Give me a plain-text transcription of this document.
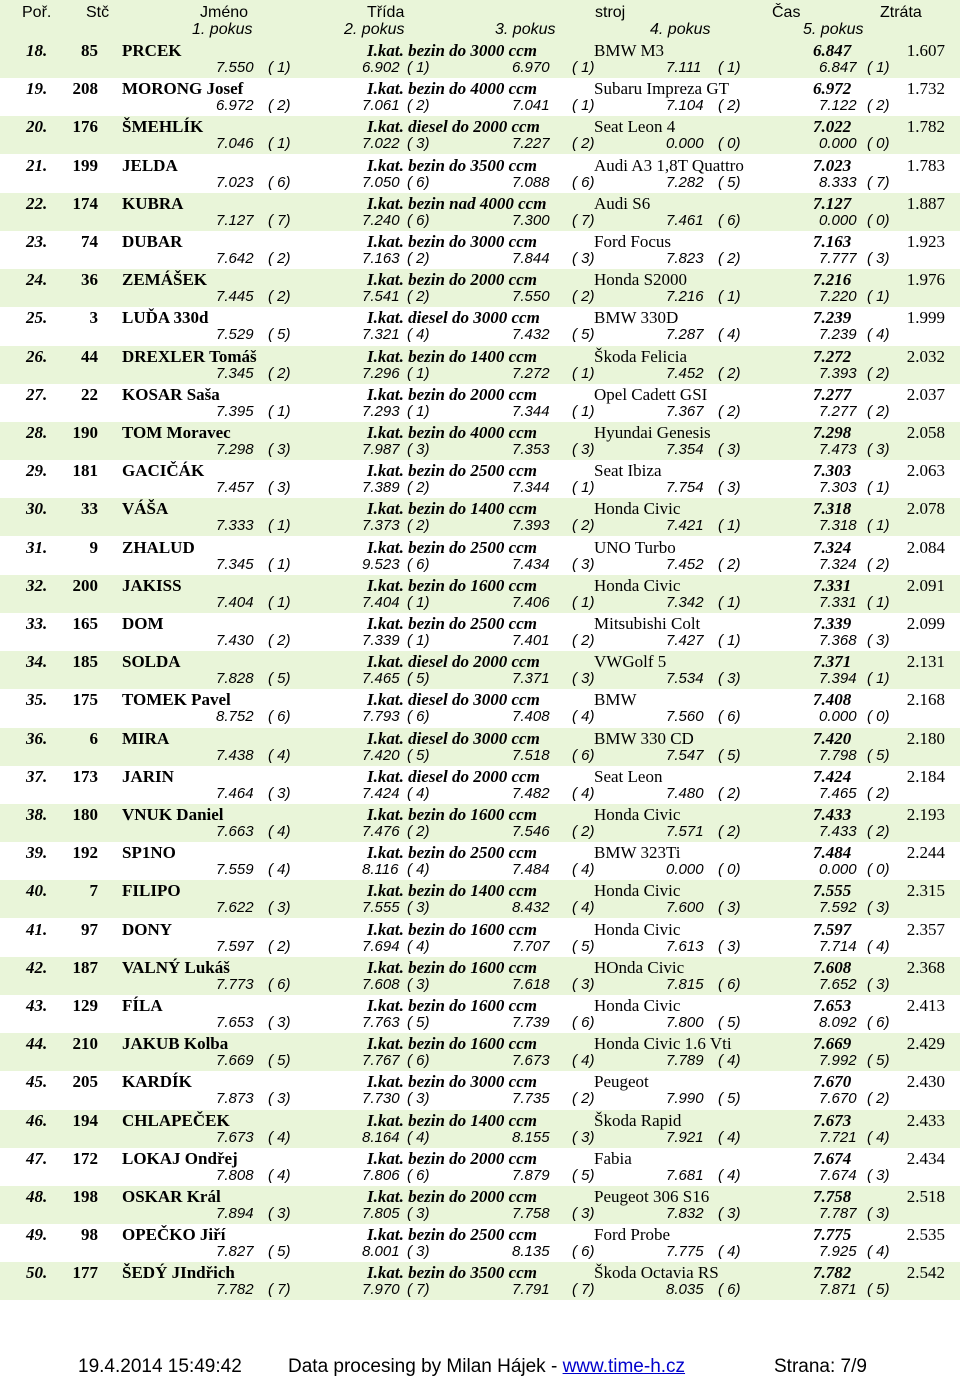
Poř. Stč	Jméno	Třída	stroj	Čas	Ztráta
1. pokus	2. pokus	3. pokus	4. pokus	5. pokus
18. 85 PRCEK	I.kat. bezin do 3000 ccm	BMW M3	6.847	1.607
7.550 ( 1)	6.902 ( 1)	6.970 ( 1)	7.111 ( 1)	6.847 ( 1)
19. 208 MORONG Josef	I.kat. bezin do 4000 ccm	Subaru Impreza GT	6.972	1.732
6.972 ( 2)	7.061 ( 2)	7.041 ( 1)	7.104 ( 2)	7.122 ( 2)
20. 176 ŠMEHLÍK	I.kat. diesel do 2000 ccm	Seat Leon 4	7.022	1.782
7.046 ( 1)	7.022 ( 3)	7.227 ( 2)	0.000 ( 0)	0.000 ( 0)
21. 199 JELDA	I.kat. bezin do 3500 ccm	Audi A3 1,8T Quattro	7.023	1.783
7.023 ( 6)	7.050 ( 6)	7.088 ( 6)	7.282 ( 5)	8.333 ( 7)
22. 174 KUBRA	I.kat. bezin nad 4000 ccm	Audi S6	7.127	1.887
7.127 ( 7)	7.240 ( 6)	7.300 ( 7)	7.461 ( 6)	0.000 ( 0)
23. 74 DUBAR	I.kat. bezin do 3000 ccm	Ford Focus	7.163	1.923
7.642 ( 2)	7.163 ( 2)	7.844 ( 3)	7.823 ( 2)	7.777 ( 3)
24. 36 ZEMÁŠEK	I.kat. bezin do 2000 ccm	Honda S2000	7.216	1.976
7.445 ( 2)	7.541 ( 2)	7.550 ( 2)	7.216 ( 1)	7.220 ( 1)
25. 3 LUĎA 330d	I.kat. diesel do 3000 ccm	BMW 330D	7.239	1.999
7.529 ( 5)	7.321 ( 4)	7.432 ( 5)	7.287 ( 4)	7.239 ( 4)
26. 44 DREXLER Tomáš	I.kat. bezin do 1400 ccm	Škoda Felicia	7.272	2.032
7.345 ( 2)	7.296 ( 1)	7.272 ( 1)	7.452 ( 2)	7.393 ( 2)
27. 22 KOSAR Saša	I.kat. bezin do 2000 ccm	Opel Cadett GSI	7.277	2.037
7.395 ( 1)	7.293 ( 1)	7.344 ( 1)	7.367 ( 2)	7.277 ( 2)
28. 190 TOM Moravec	I.kat. bezin do 4000 ccm	Hyundai Genesis	7.298	2.058
7.298 ( 3)	7.987 ( 3)	7.353 ( 3)	7.354 ( 3)	7.473 ( 3)
29. 181 GACIČÁK	I.kat. bezin do 2500 ccm	Seat Ibiza	7.303	2.063
7.457 ( 3)	7.389 ( 2)	7.344 ( 1)	7.754 ( 3)	7.303 ( 1)
30. 33 VÁŠA	I.kat. bezin do 1400 ccm	Honda Civic	7.318	2.078
7.333 ( 1)	7.373 ( 2)	7.393 ( 2)	7.421 ( 1)	7.318 ( 1)
31. 9 ZHALUD	I.kat. bezin do 2500 ccm	UNO Turbo	7.324	2.084
7.345 ( 1)	9.523 ( 6)	7.434 ( 3)	7.452 ( 2)	7.324 ( 2)
32. 200 JAKISS	I.kat. bezin do 1600 ccm	Honda Civic	7.331	2.091
7.404 ( 1)	7.404 ( 1)	7.406 ( 1)	7.342 ( 1)	7.331 ( 1)
33. 165 DOM	I.kat. bezin do 2500 ccm	Mitsubishi Colt	7.339	2.099
7.430 ( 2)	7.339 ( 1)	7.401 ( 2)	7.427 ( 1)	7.368 ( 3)
34. 185 SOLDA	I.kat. diesel do 2000 ccm	VWGolf 5	7.371	2.131
7.828 ( 5)	7.465 ( 5)	7.371 ( 3)	7.534 ( 3)	7.394 ( 1)
35. 175 TOMEK Pavel	I.kat. diesel do 3000 ccm	BMW	7.408	2.168
8.752 ( 6)	7.793 ( 6)	7.408 ( 4)	7.560 ( 6)	0.000 ( 0)
36. 6 MIRA	I.kat. diesel do 3000 ccm	BMW 330 CD	7.420	2.180
7.438 ( 4)	7.420 ( 5)	7.518 ( 6)	7.547 ( 5)	7.798 ( 5)
37. 173 JARIN	I.kat. diesel do 2000 ccm	Seat Leon	7.424	2.184
7.464 ( 3)	7.424 ( 4)	7.482 ( 4)	7.480 ( 2)	7.465 ( 2)
38. 180 VNUK Daniel	I.kat. bezin do 1600 ccm	Honda Civic	7.433	2.193
7.663 ( 4)	7.476 ( 2)	7.546 ( 2)	7.571 ( 2)	7.433 ( 2)
39. 192 SP1NO	I.kat. bezin do 2500 ccm	BMW 323Ti	7.484	2.244
7.559 ( 4)	8.116 ( 4)	7.484 ( 4)	0.000 ( 0)	0.000 ( 0)
40. 7 FILIPO	I.kat. bezin do 1400 ccm	Honda Civic	7.555	2.315
7.622 ( 3)	7.555 ( 3)	8.432 ( 4)	7.600 ( 3)	7.592 ( 3)
41. 97 DONY	I.kat. bezin do 1600 ccm	Honda Civic	7.597	2.357
7.597 ( 2)	7.694 ( 4)	7.707 ( 5)	7.613 ( 3)	7.714 ( 4)
42. 187 VALNÝ Lukáš	I.kat. bezin do 1600 ccm	HOnda Civic	7.608	2.368
7.773 ( 6)	7.608 ( 3)	7.618 ( 3)	7.815 ( 6)	7.652 ( 3)
43. 129 FÍLA	I.kat. bezin do 1600 ccm	Honda Civic	7.653	2.413
7.653 ( 3)	7.763 ( 5)	7.739 ( 6)	7.800 ( 5)	8.092 ( 6)
44. 210 JAKUB Kolba	I.kat. bezin do 1600 ccm	Honda Civic 1.6 Vti	7.669	2.429
7.669 ( 5)	7.767 ( 6)	7.673 ( 4)	7.789 ( 4)	7.992 ( 5)
45. 205 KARDÍK	I.kat. bezin do 3000 ccm	Peugeot	7.670	2.430
7.873 ( 3)	7.730 ( 3)	7.735 ( 2)	7.990 ( 5)	7.670 ( 2)
46. 194 CHLAPEČEK	I.kat. bezin do 1400 ccm	Škoda Rapid	7.673	2.433
7.673 ( 4)	8.164 ( 4)	8.155 ( 3)	7.921 ( 4)	7.721 ( 4)
47. 172 LOKAJ Ondřej	I.kat. bezin do 2000 ccm	Fabia	7.674	2.434
7.808 ( 4)	7.806 ( 6)	7.879 ( 5)	7.681 ( 4)	7.674 ( 3)
48. 198 OSKAR Král	I.kat. bezin do 2000 ccm	Peugeot 306 S16	7.758	2.518
7.894 ( 3)	7.805 ( 3)	7.758 ( 3)	7.832 ( 3)	7.787 ( 3)
49. 98 OPEČKO Jiří	I.kat. bezin do 2500 ccm	Ford Probe	7.775	2.535
7.827 ( 5)	8.001 ( 3)	8.135 ( 6)	7.775 ( 4)	7.925 ( 4)
50. 177 ŠEDÝ JIndřich	I.kat. bezin do 3500 ccm	Škoda Octavia RS	7.782	2.542
7.782 ( 7)	7.970 ( 7)	7.791 ( 7)	8.035 ( 6)	7.871 ( 5)
19.4.2014 15:49:42 Data procesing by Milan Hájek - www.time-h.cz	Strana: 7/9
